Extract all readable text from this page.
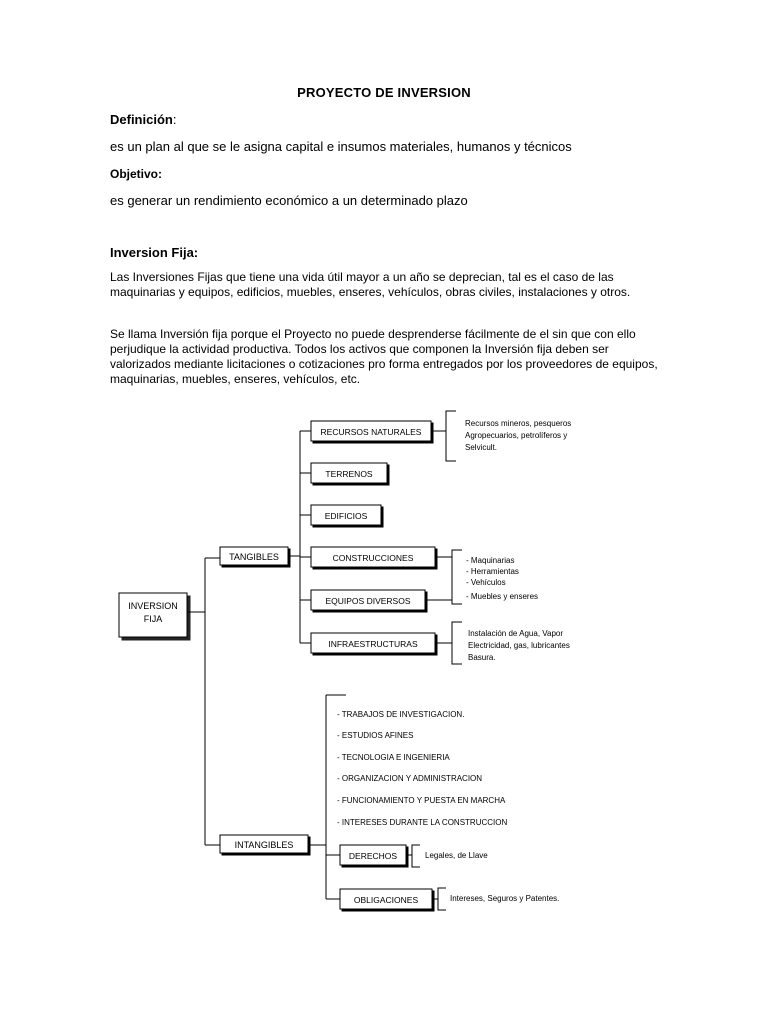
PROYECTO DE INVERSION
Definición:
es un plan al que se le asigna capital e insumos materiales, humanos y técnicos
Objetivo:
es generar un rendimiento económico a un determinado plazo
Inversion Fija:
Las Inversiones Fijas que tiene una vida útil mayor a un año se deprecian, tal es el caso de las maquinarias y equipos, edificios, muebles, enseres, vehículos, obras civiles, instalaciones y otros.
Se llama Inversión fija porque el Proyecto no puede desprenderse fácilmente de el sin que con ello perjudique la actividad productiva. Todos los activos que componen la Inversión fija deben ser valorizados mediante licitaciones o cotizaciones pro forma entregados por los proveedores de equipos, maquinarias, muebles, enseres, vehículos, etc.
INVERSION
FIJA
TANGIBLES
INTANGIBLES
RECURSOS NATURALES
TERRENOS
EDIFICIOS
CONSTRUCCIONES
EQUIPOS DIVERSOS
INFRAESTRUCTURAS
Recursos mineros, pesqueros
Agropecuarios, petrolíferos y
Selvicult.
- Maquinarias
- Herramientas
- Vehículos
- Muebles y enseres
Instalación de Agua, Vapor
Electricidad, gas, lubricantes
Basura.
- TRABAJOS DE INVESTIGACION.
- ESTUDIOS AFINES
- TECNOLOGIA E INGENIERIA
- ORGANIZACION Y ADMINISTRACION
- FUNCIONAMIENTO Y PUESTA EN MARCHA
- INTERESES DURANTE LA CONSTRUCCION
DERECHOS	Legales, de Llave
OBLIGACIONES	Intereses, Seguros y Patentes.
